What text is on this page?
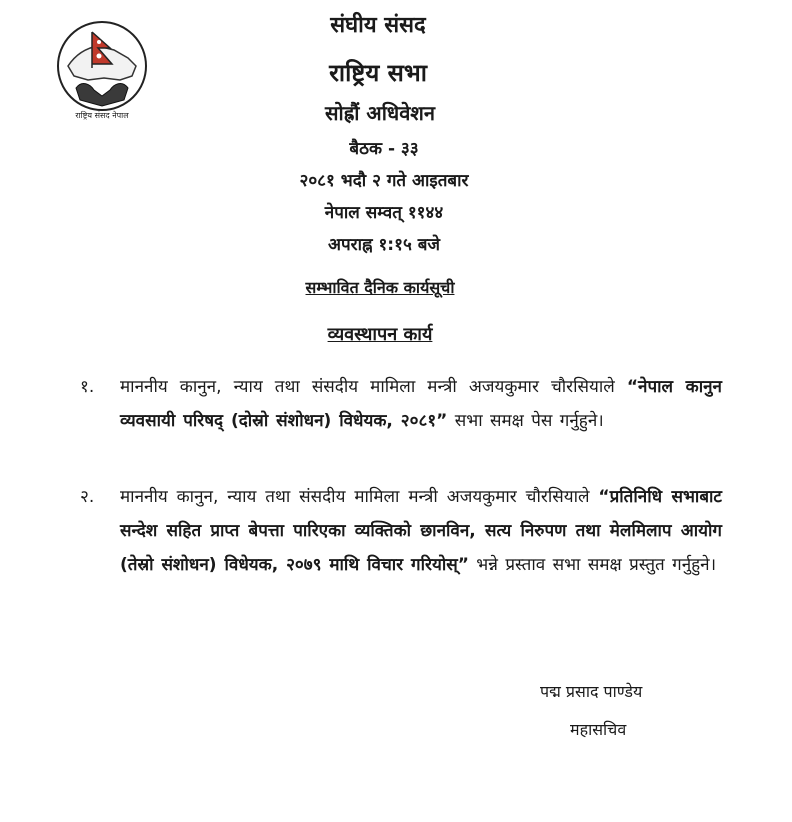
राष्ट्रिय संसद नेपाल
संघीय संसद
राष्ट्रिय सभा
सोह्रौं अधिवेशन
बैठक - ३३
२०८१ भदौ २ गते आइतबार
नेपाल सम्वत् ११४४
अपराह्न १:१५ बजे
सम्भावित दैनिक कार्यसूची
व्यवस्थापन कार्य
१. माननीय कानुन, न्याय तथा संसदीय मामिला मन्त्री अजयकुमार चौरसियाले “नेपाल कानुन व्यवसायी परिषद् (दोस्रो संशोधन) विधेयक, २०८१” सभा समक्ष पेस गर्नुहुने।
२. माननीय कानुन, न्याय तथा संसदीय मामिला मन्त्री अजयकुमार चौरसियाले “प्रतिनिधि सभाबाट सन्देश सहित प्राप्त बेपत्ता पारिएका व्यक्तिको छानविन, सत्य निरुपण तथा मेलमिलाप आयोग (तेस्रो संशोधन) विधेयक, २०७९ माथि विचार गरियोस्” भन्ने प्रस्ताव सभा समक्ष प्रस्तुत गर्नुहुने।
पद्म प्रसाद पाण्डेय
महासचिव
